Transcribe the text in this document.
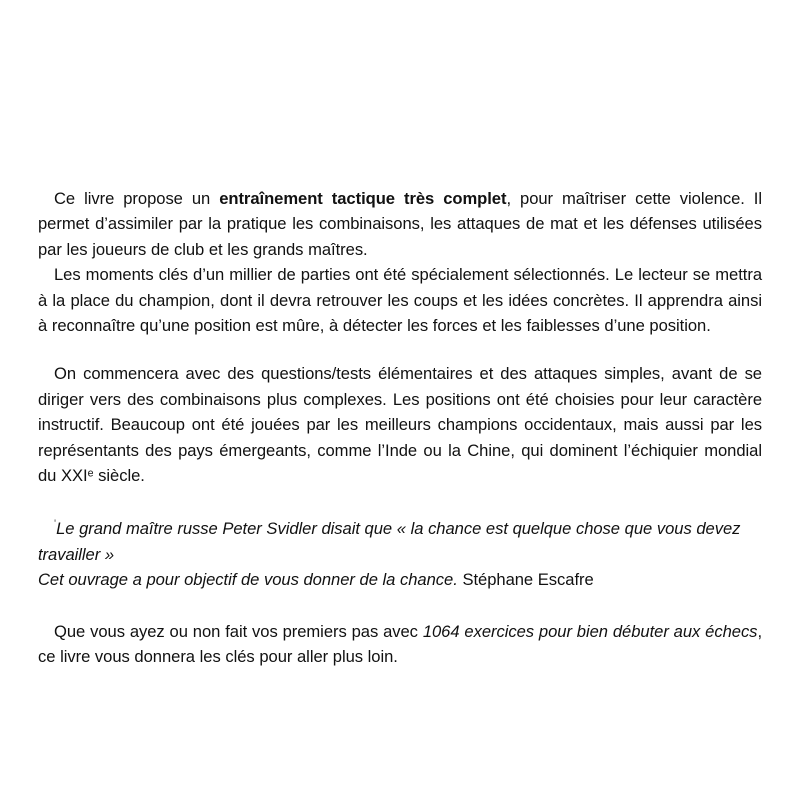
Ce livre propose un entraînement tactique très complet, pour maîtriser cette violence. Il permet d’assimiler par la pratique les combinaisons, les attaques de mat et les défenses utilisées par les joueurs de club et les grands maîtres.

Les moments clés d’un millier de parties ont été spécialement sélectionnés. Le lecteur se mettra à la place du champion, dont il devra retrouver les coups et les idées concrètes. Il apprendra ainsi à reconnaître qu’une position est mûre, à détecter les forces et les faiblesses d’une position.

On commencera avec des questions/tests élémentaires et des attaques simples, avant de se diriger vers des combinaisons plus complexes. Les positions ont été choisies pour leur caractère instructif. Beaucoup ont été jouées par les meilleurs champions occidentaux, mais aussi par les représentants des pays émergeants, comme l’Inde ou la Chine, qui dominent l’échiquier mondial du XXIe siècle.

'Le grand maître russe Peter Svidler disait que « la chance est quelque chose que vous devez travailler »

Cet ouvrage a pour objectif de vous donner de la chance. Stéphane Escafre

Que vous ayez ou non fait vos premiers pas avec 1064 exercices pour bien débuter aux échecs, ce livre vous donnera les clés pour aller plus loin.
